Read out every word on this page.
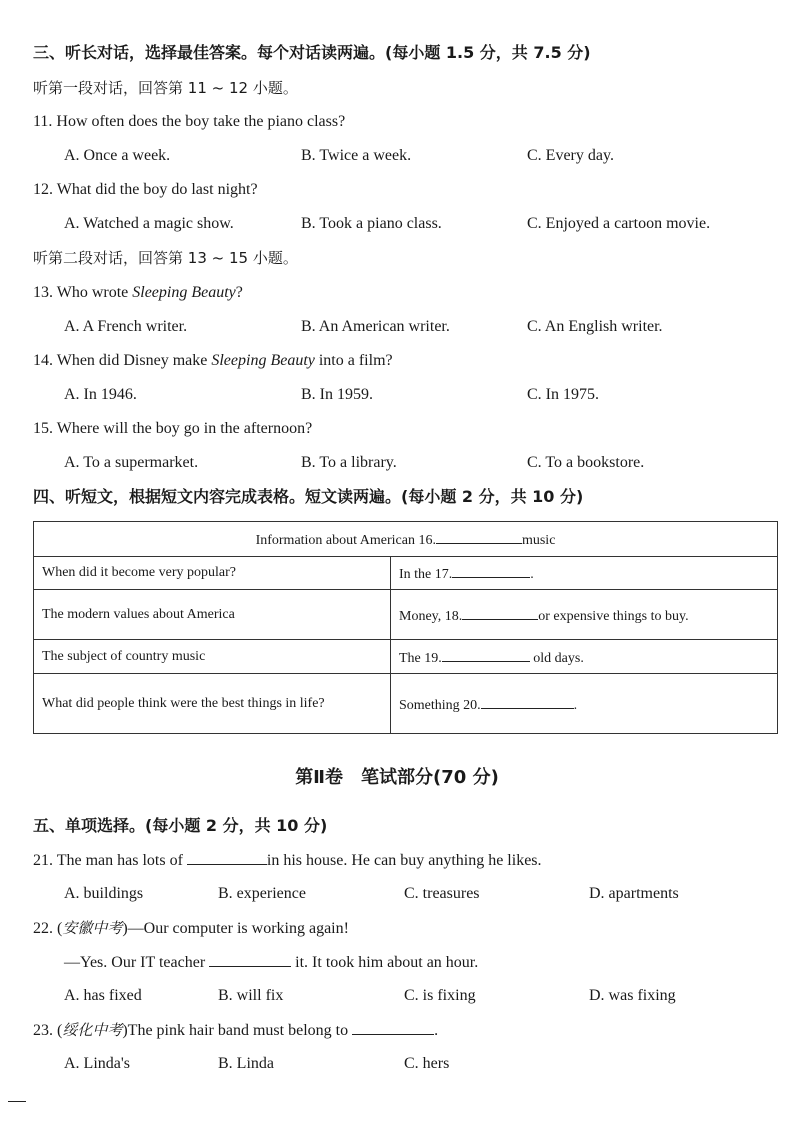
三、听长对话，选择最佳答案。每个对话读两遍。(每小题 1.5 分，共 7.5 分)
听第一段对话，回答第 11 ~ 12 小题。
11. How often does the boy take the piano class?
A. Once a week.	B. Twice a week.	C. Every day.
12. What did the boy do last night?
A. Watched a magic show.	B. Took a piano class.	C. Enjoyed a cartoon movie.
听第二段对话，回答第 13 ~ 15 小题。
13. Who wrote Sleeping Beauty?
A. A French writer.	B. An American writer.	C. An English writer.
14. When did Disney make Sleeping Beauty into a film?
A. In 1946.	B. In 1959.	C. In 1975.
15. Where will the boy go in the afternoon?
A. To a supermarket.	B. To a library.	C. To a bookstore.
四、听短文，根据短文内容完成表格。短文读两遍。(每小题 2 分，共 10 分)
Information about American 16. music	
When did it become very popular?	In the 17. .
The modern values about America	Money, 18. or expensive things to buy.
The subject of country music	The 19. old days.
What did people think were the best things in life?	Something 20. .
第Ⅱ卷　笔试部分(70 分)
五、单项选择。(每小题 2 分，共 10 分)
21. The man has lots of	in his house. He can buy anything he likes.
A. buildings	B. experience	C. treasures	D. apartments
22. (安徽中考)—Our computer is working again!
—Yes. Our IT teacher	it. It took him about an hour.
A. has fixed	B. will fix	C. is fixing	D. was fixing
23. (绥化中考)The pink hair band must belong to	.
A. Linda's	B. Linda	C. hers
